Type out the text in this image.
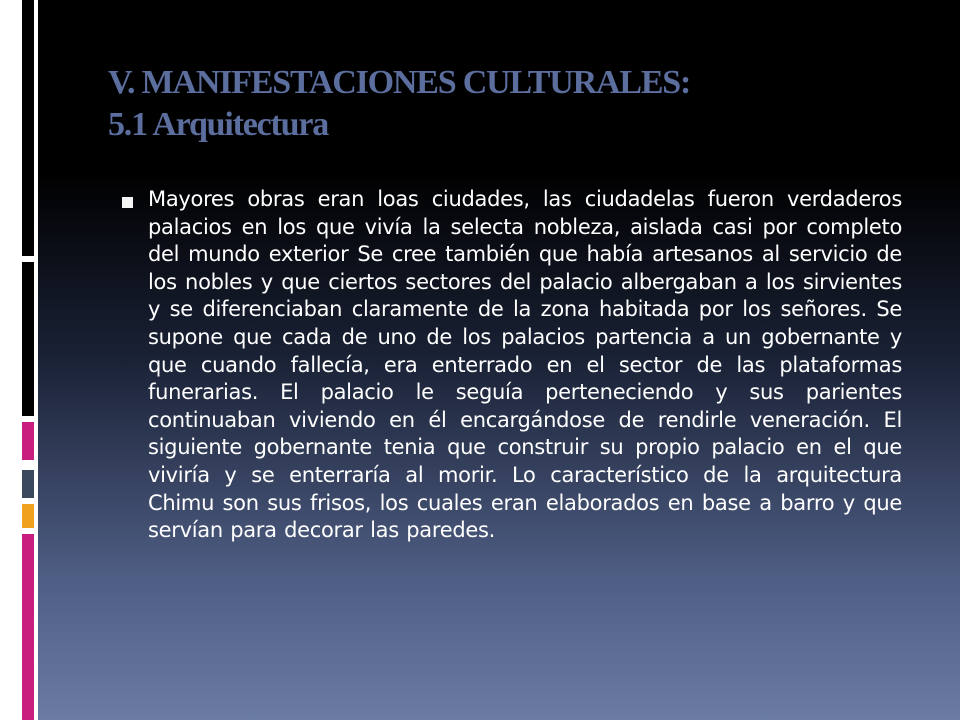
V. MANIFESTACIONES CULTURALES:
5.1 Arquitectura
Mayores obras eran loas ciudades, las ciudadelas fueron verdaderos palacios en los que vivía la selecta nobleza, aislada casi por completo del mundo exterior Se cree también que había artesanos al servicio de los nobles y que ciertos sectores del palacio albergaban a los sirvientes y se diferenciaban claramente de la zona habitada por los señores. Se supone que cada de uno de los palacios partencia a un gobernante y que cuando fallecía, era enterrado en el sector de las plataformas funerarias. El palacio le seguía perteneciendo y sus parientes continuaban viviendo en él encargándose de rendirle veneración. El siguiente gobernante tenia que construir su propio palacio en el que viviría y se enterraría al morir. Lo característico de la arquitectura Chimu son sus frisos, los cuales eran elaborados en base a barro y que servían para decorar las paredes.
